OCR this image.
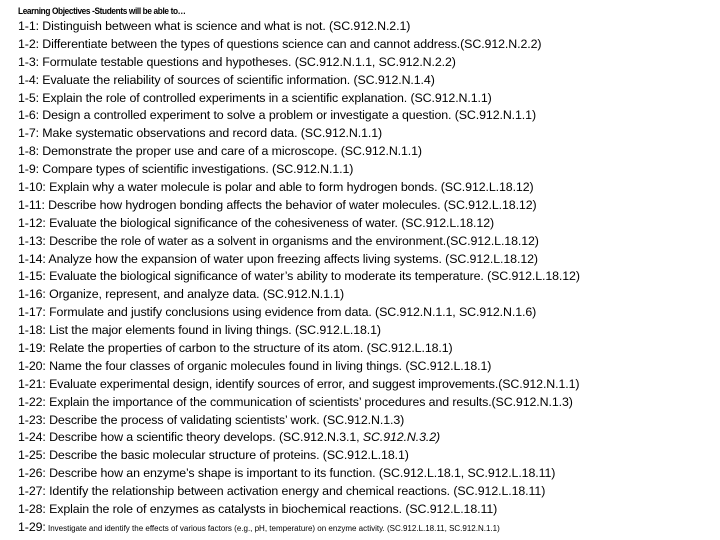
Learning Objectives -Students will be able to…
1-1: Distinguish between what is science and what is not. (SC.912.N.2.1)
1-2: Differentiate between the types of questions science can and cannot address.(SC.912.N.2.2)
1-3: Formulate testable questions and hypotheses. (SC.912.N.1.1, SC.912.N.2.2)
1-4: Evaluate the reliability of sources of scientific information. (SC.912.N.1.4)
1-5: Explain the role of controlled experiments in a scientific explanation. (SC.912.N.1.1)
1-6: Design a controlled experiment to solve a problem or investigate a question. (SC.912.N.1.1)
1-7: Make systematic observations and record data. (SC.912.N.1.1)
1-8: Demonstrate the proper use and care of a microscope. (SC.912.N.1.1)
1-9: Compare types of scientific investigations. (SC.912.N.1.1)
1-10: Explain why a water molecule is polar and able to form hydrogen bonds. (SC.912.L.18.12)
1-11: Describe how hydrogen bonding affects the behavior of water molecules. (SC.912.L.18.12)
1-12: Evaluate the biological significance of the cohesiveness of water. (SC.912.L.18.12)
1-13: Describe the role of water as a solvent in organisms and the environment.(SC.912.L.18.12)
1-14: Analyze how the expansion of water upon freezing affects living systems. (SC.912.L.18.12)
1-15: Evaluate the biological significance of water’s ability to moderate its temperature. (SC.912.L.18.12)
1-16: Organize, represent, and analyze data. (SC.912.N.1.1)
1-17: Formulate and justify conclusions using evidence from data. (SC.912.N.1.1, SC.912.N.1.6)
1-18: List the major elements found in living things. (SC.912.L.18.1)
1-19: Relate the properties of carbon to the structure of its atom. (SC.912.L.18.1)
1-20: Name the four classes of organic molecules found in living things. (SC.912.L.18.1)
1-21: Evaluate experimental design, identify sources of error, and suggest improvements.(SC.912.N.1.1)
1-22: Explain the importance of the communication of scientists’ procedures and results.(SC.912.N.1.3)
1-23: Describe the process of validating scientists’ work. (SC.912.N.1.3)
1-24: Describe how a scientific theory develops. (SC.912.N.3.1, SC.912.N.3.2)
1-25: Describe the basic molecular structure of proteins. (SC.912.L.18.1)
1-26: Describe how an enzyme’s shape is important to its function. (SC.912.L.18.1, SC.912.L.18.11)
1-27: Identify the relationship between activation energy and chemical reactions. (SC.912.L.18.11)
1-28: Explain the role of enzymes as catalysts in biochemical reactions. (SC.912.L.18.11)
1-29: Investigate and identify the effects of various factors (e.g., pH, temperature) on enzyme activity. (SC.912.L.18.11, SC.912.N.1.1)
